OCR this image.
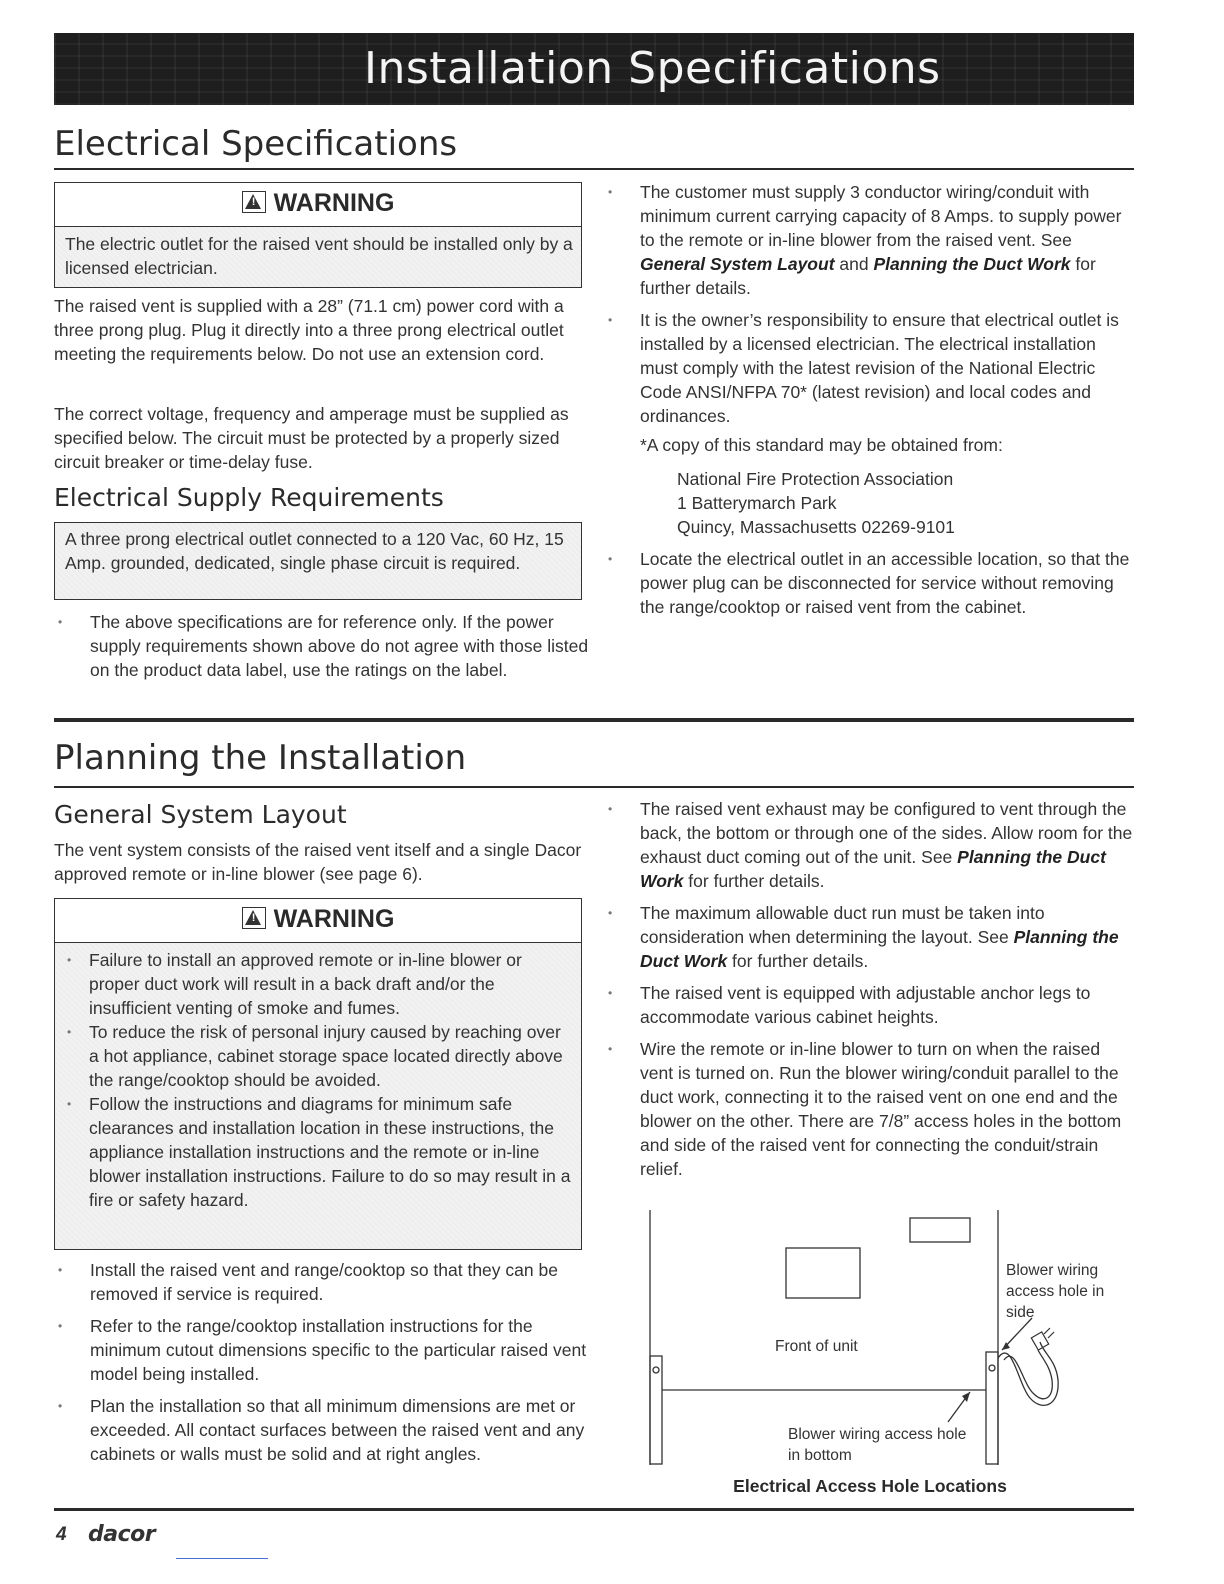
Installation Specifications
Electrical Specifications
!WARNING
The electric outlet for the raised vent should be installed only by a licensed electrician.

The raised vent is supplied with a 28” (71.1 cm) power cord with a three prong plug. Plug it directly into a three prong electrical outlet meeting the requirements below. Do not use an extension cord.

The correct voltage, frequency and amperage must be supplied as specified below. The circuit must be protected by a properly sized circuit breaker or time-delay fuse.

Electrical Supply Requirements
A three prong electrical outlet connected to a 120 Vac, 60 Hz, 15 Amp. grounded, dedicated, single phase circuit is required.
• The above specifications are for reference only. If the power supply requirements shown above do not agree with those listed on the product data label, use the ratings on the label.
• The customer must supply 3 conductor wiring/conduit with minimum current carrying capacity of 8 Amps. to supply power to the remote or in-line blower from the raised vent. See General System Layout and Planning the Duct Work for further details.
• It is the owner’s responsibility to ensure that electrical outlet is installed by a licensed electrician. The electrical installation must comply with the latest revision of the National Electric Code ANSI/NFPA 70* (latest revision) and local codes and ordinances.

*A copy of this standard may be obtained from:

National Fire Protection Association
1 Batterymarch Park
Quincy, Massachusetts 02269-9101
• Locate the electrical outlet in an accessible location, so that the power plug can be disconnected for service without removing the range/cooktop or raised vent from the cabinet.
Planning the Installation
General System Layout

The vent system consists of the raised vent itself and a single Dacor approved remote or in-line blower (see page 6).

!WARNING
• Failure to install an approved remote or in-line blower or proper duct work will result in a back draft and/or the insufficient venting of smoke and fumes.
• To reduce the risk of personal injury caused by reaching over a hot appliance, cabinet storage space located directly above the range/cooktop should be avoided.
• Follow the instructions and diagrams for minimum safe clearances and installation location in these instructions, the appliance installation instructions and the remote or in-line blower installation instructions. Failure to do so may result in a fire or safety hazard.
• Install the raised vent and range/cooktop so that they can be removed if service is required.
• Refer to the range/cooktop installation instructions for the minimum cutout dimensions specific to the particular raised vent model being installed.
• Plan the installation so that all minimum dimensions are met or exceeded. All contact surfaces between the raised vent and any cabinets or walls must be solid and at right angles.
• The raised vent exhaust may be configured to vent through the back, the bottom or through one of the sides. Allow room for the exhaust duct coming out of the unit. See Planning the Duct Work for further details.
• The maximum allowable duct run must be taken into consideration when determining the layout. See Planning the Duct Work for further details.
• The raised vent is equipped with adjustable anchor legs to accommodate various cabinet heights.
• Wire the remote or in-line blower to turn on when the raised vent is turned on. Run the blower wiring/conduit parallel to the duct work, connecting it to the raised vent on one end and the blower on the other. There are 7/8” access holes in the bottom and side of the raised vent for connecting the conduit/strain relief.
Blower wiring access hole in side
Front of unit
Blower wiring access hole in bottom
Electrical Access Hole Locations
4 dacor
